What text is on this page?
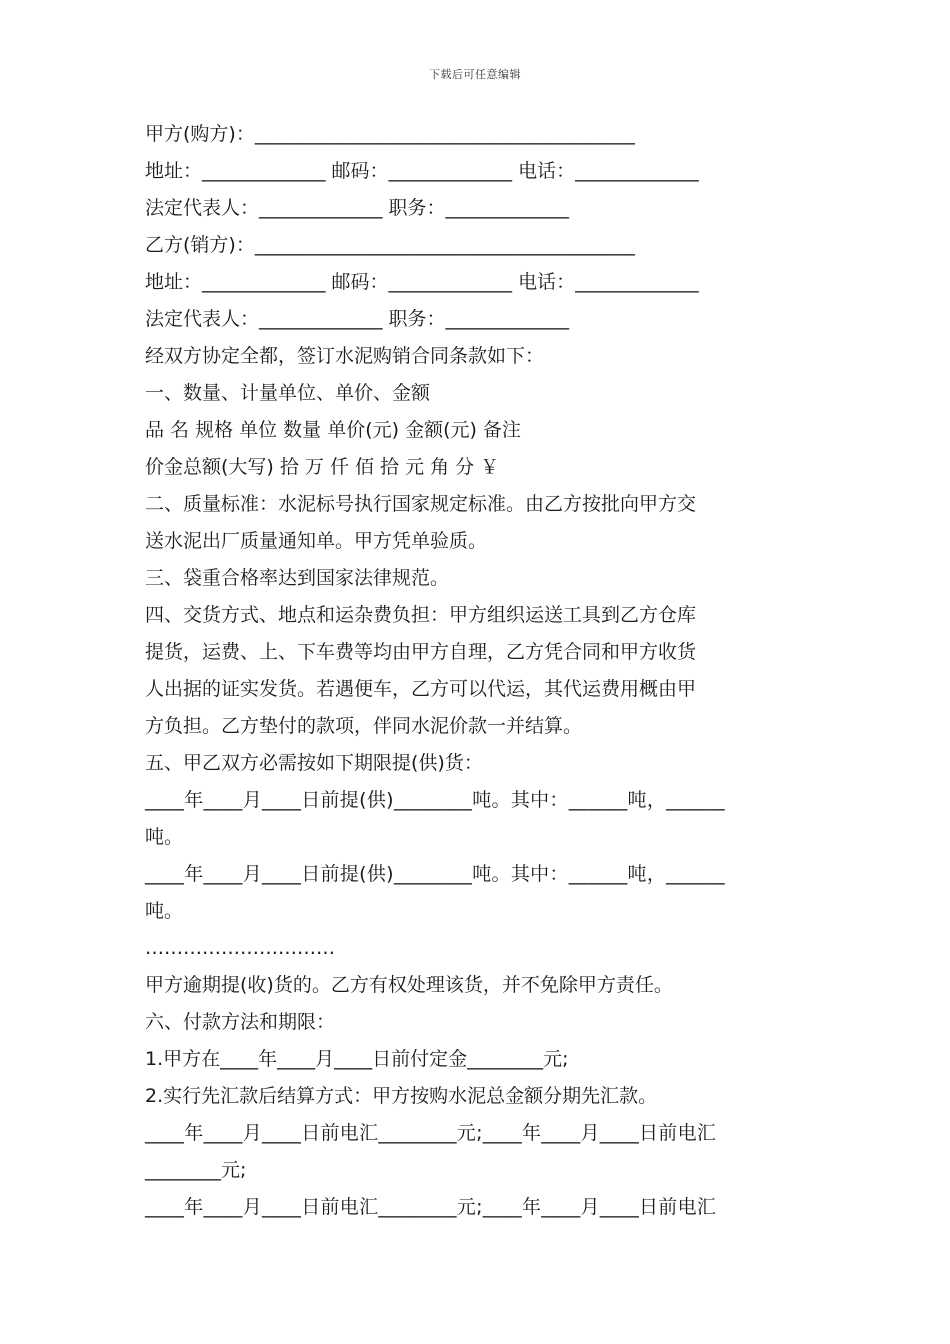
下载后可任意编辑
甲方(购方)：________________________________________
地址：_____________ 邮码：_____________ 电话：_____________
法定代表人：_____________ 职务：_____________
乙方(销方)：________________________________________
地址：_____________ 邮码：_____________ 电话：_____________
法定代表人：_____________ 职务：_____________
经双方协定全都，签订水泥购销合同条款如下：
一、数量、计量单位、单价、金额
品 名 规格 单位 数量 单价(元) 金额(元) 备注
价金总额(大写) 拾 万 仟 佰 拾 元 角 分 ￥
二、质量标准：水泥标号执行国家规定标准。由乙方按批向甲方交
送水泥出厂质量通知单。甲方凭单验质。
三、袋重合格率达到国家法律规范。
四、交货方式、地点和运杂费负担：甲方组织运送工具到乙方仓库
提货，运费、上、下车费等均由甲方自理，乙方凭合同和甲方收货
人出据的证实发货。若遇便车，乙方可以代运，其代运费用概由甲
方负担。乙方垫付的款项，伴同水泥价款一并结算。
五、甲乙双方必需按如下期限提(供)货：
____年____月____日前提(供)________吨。其中：______吨，______
吨。
____年____月____日前提(供)________吨。其中：______吨，______
吨。
…………………………
甲方逾期提(收)货的。乙方有权处理该货，并不免除甲方责任。
六、付款方法和期限：
1.甲方在____年____月____日前付定金________元;
2.实行先汇款后结算方式：甲方按购水泥总金额分期先汇款。
____年____月____日前电汇________元;____年____月____日前电汇
________元;
____年____月____日前电汇________元;____年____月____日前电汇
